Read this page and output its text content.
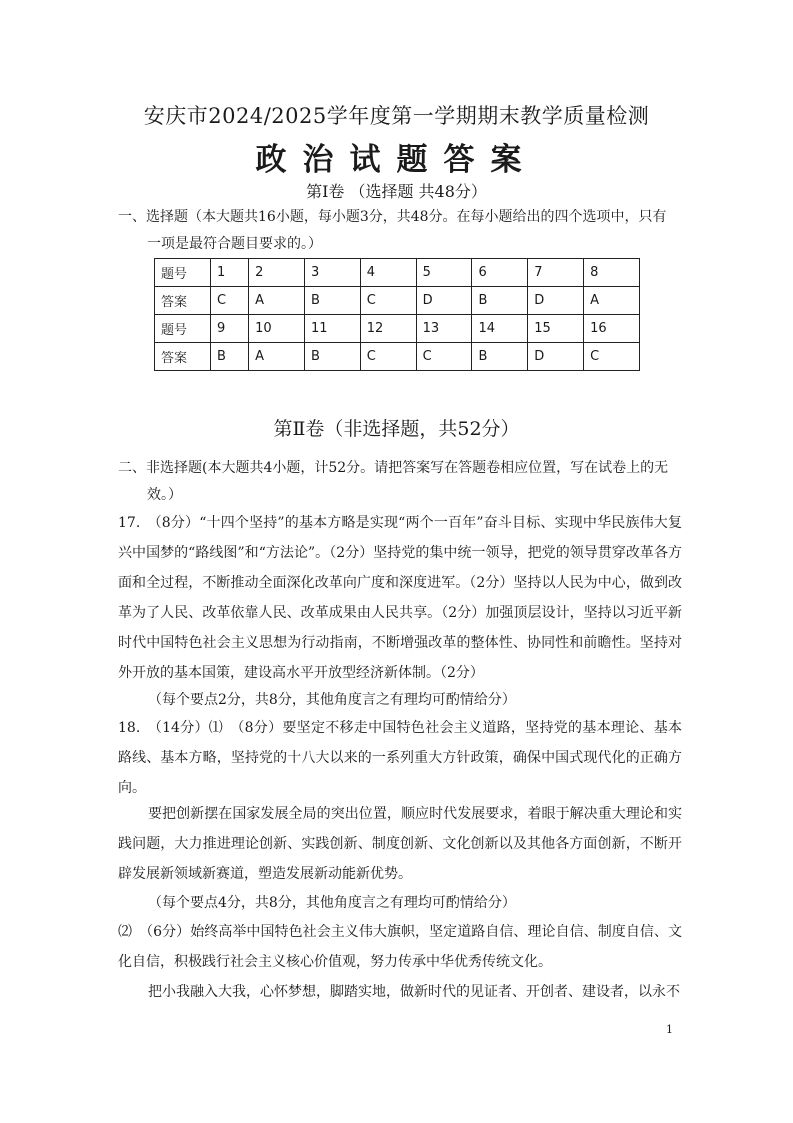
安庆市2024/2025学年度第一学期期末教学质量检测
政治试题答案
第Ⅰ卷 （选择题 共48分）
一、选择题（本大题共16小题，每小题3分，共48分。在每小题给出的四个选项中，只有
一项是最符合题目要求的。）
题号	1	2	3	4	5	6	7	8
答案	C	A	B	C	D	B	D	A
题号	9	10	11	12	13	14	15	16
答案	B	A	B	C	C	B	D	C
第Ⅱ卷（非选择题，共52分）
二、非选择题(本大题共4小题，计52分。请把答案写在答题卷相应位置，写在试卷上的无
效。）
17.　（8分）“十四个坚持”的基本方略是实现“两个一百年”奋斗目标、实现中华民族伟大复兴中国梦的“路线图”和“方法论”。（2分）坚持党的集中统一领导，把党的领导贯穿改革各方面和全过程，不断推动全面深化改革向广度和深度进军。（2分）坚持以人民为中心，做到改革为了人民、改革依靠人民、改革成果由人民共享。（2分）加强顶层设计，坚持以习近平新时代中国特色社会主义思想为行动指南，不断增强改革的整体性、协同性和前瞻性。坚持对外开放的基本国策，建设高水平开放型经济新体制。（2分）
（每个要点2分，共8分，其他角度言之有理均可酌情给分）
18.　（14分）⑴　（8分）要坚定不移走中国特色社会主义道路，坚持党的基本理论、基本路线、基本方略，坚持党的十八大以来的一系列重大方针政策，确保中国式现代化的正确方向。
要把创新摆在国家发展全局的突出位置，顺应时代发展要求，着眼于解决重大理论和实践问题，大力推进理论创新、实践创新、制度创新、文化创新以及其他各方面创新，不断开辟发展新领域新赛道，塑造发展新动能新优势。
（每个要点4分，共8分，其他角度言之有理均可酌情给分）
⑵　（6分）始终高举中国特色社会主义伟大旗帜，坚定道路自信、理论自信、制度自信、文化自信，积极践行社会主义核心价值观，努力传承中华优秀传统文化。
把小我融入大我，心怀梦想，脚踏实地，做新时代的见证者、开创者、建设者，以永不
1
